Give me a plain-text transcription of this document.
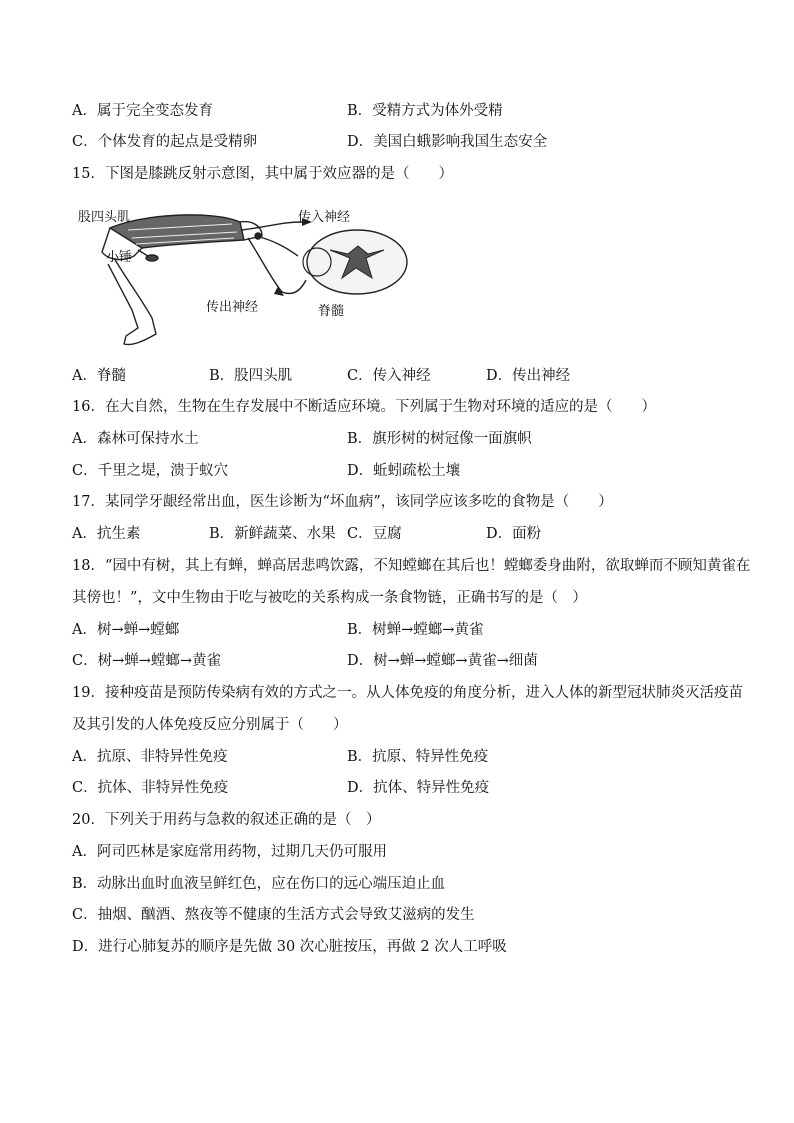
A．属于完全变态发育	B．受精方式为体外受精
C．个体发育的起点是受精卵	D．美国白蛾影响我国生态安全
15．下图是膝跳反射示意图，其中属于效应器的是（　　）
股四头肌	传入神经
小锤
传出神经	脊髓
A．脊髓	B．股四头肌	C．传入神经	D．传出神经
16．在大自然，生物在生存发展中不断适应环境。下列属于生物对环境的适应的是（　　）
A．森林可保持水土	B．旗形树的树冠像一面旗帜
C．千里之堤，溃于蚁穴	D．蚯蚓疏松土壤
17．某同学牙龈经常出血，医生诊断为“坏血病”，该同学应该多吃的食物是（　　）
A．抗生素	B．新鲜蔬菜、水果 C．豆腐	D．面粉
18．“园中有树，其上有蝉，蝉高居悲鸣饮露，不知螳螂在其后也！螳螂委身曲附，欲取蝉而不顾知黄雀在
其傍也！”，文中生物由于吃与被吃的关系构成一条食物链，正确书写的是（　）
A．树→蝉→螳螂	B．树蝉→螳螂→黄雀
C．树→蝉→螳螂→黄雀	D．树→蝉→螳螂→黄雀→细菌
19．接种疫苗是预防传染病有效的方式之一。从人体免疫的角度分析，进入人体的新型冠状肺炎灭活疫苗
及其引发的人体免疫反应分别属于（　　）
A．抗原、非特异性免疫	B．抗原、特异性免疫
C．抗体、非特异性免疫	D．抗体、特异性免疫
20．下列关于用药与急救的叙述正确的是（　）
A．阿司匹林是家庭常用药物，过期几天仍可服用
B．动脉出血时血液呈鲜红色，应在伤口的远心端压迫止血
C．抽烟、酗酒、熬夜等不健康的生活方式会导致艾滋病的发生
D．进行心肺复苏的顺序是先做 30 次心脏按压，再做 2 次人工呼吸
